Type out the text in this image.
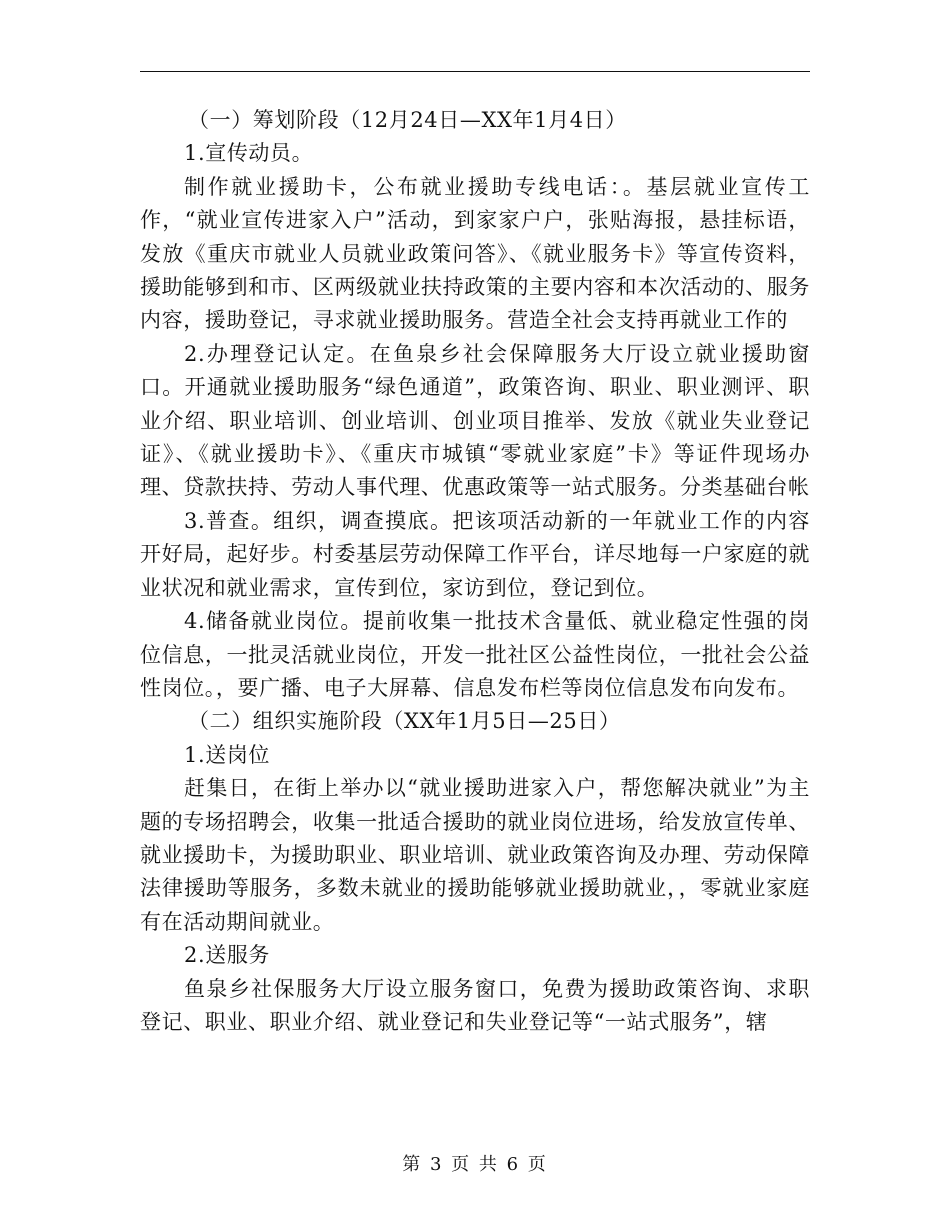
（一）筹划阶段（12月24日—XX年1月4日）

1.宣传动员。

制作就业援助卡，公布就业援助专线电话：。基层就业宣传工作，“就业宣传进家入户”活动，到家家户户，张贴海报，悬挂标语，发放《重庆市就业人员就业政策问答》、《就业服务卡》等宣传资料，援助能够到和市、区两级就业扶持政策的主要内容和本次活动的、服务内容，援助登记，寻求就业援助服务。营造全社会支持再就业工作的

2.办理登记认定。在鱼泉乡社会保障服务大厅设立就业援助窗口。开通就业援助服务“绿色通道”，政策咨询、职业、职业测评、职业介绍、职业培训、创业培训、创业项目推举、发放《就业失业登记证》、《就业援助卡》、《重庆市城镇“零就业家庭”卡》等证件现场办理、贷款扶持、劳动人事代理、优惠政策等一站式服务。分类基础台帐

3.普查。组织，调查摸底。把该项活动新的一年就业工作的内容开好局，起好步。村委基层劳动保障工作平台，详尽地每一户家庭的就业状况和就业需求，宣传到位，家访到位，登记到位。

4.储备就业岗位。提前收集一批技术含量低、就业稳定性强的岗位信息，一批灵活就业岗位，开发一批社区公益性岗位，一批社会公益性岗位。，要广播、电子大屏幕、信息发布栏等岗位信息发布向发布。

（二）组织实施阶段（XX年1月5日—25日）

1.送岗位

赶集日，在街上举办以“就业援助进家入户，帮您解决就业”为主题的专场招聘会，收集一批适合援助的就业岗位进场，给发放宣传单、就业援助卡，为援助职业、职业培训、就业政策咨询及办理、劳动保障法律援助等服务，多数未就业的援助能够就业援助就业，，零就业家庭有在活动期间就业。

2.送服务

鱼泉乡社保服务大厅设立服务窗口，免费为援助政策咨询、求职登记、职业、职业介绍、就业登记和失业登记等“一站式服务”，辖

第 3 页 共 6 页
